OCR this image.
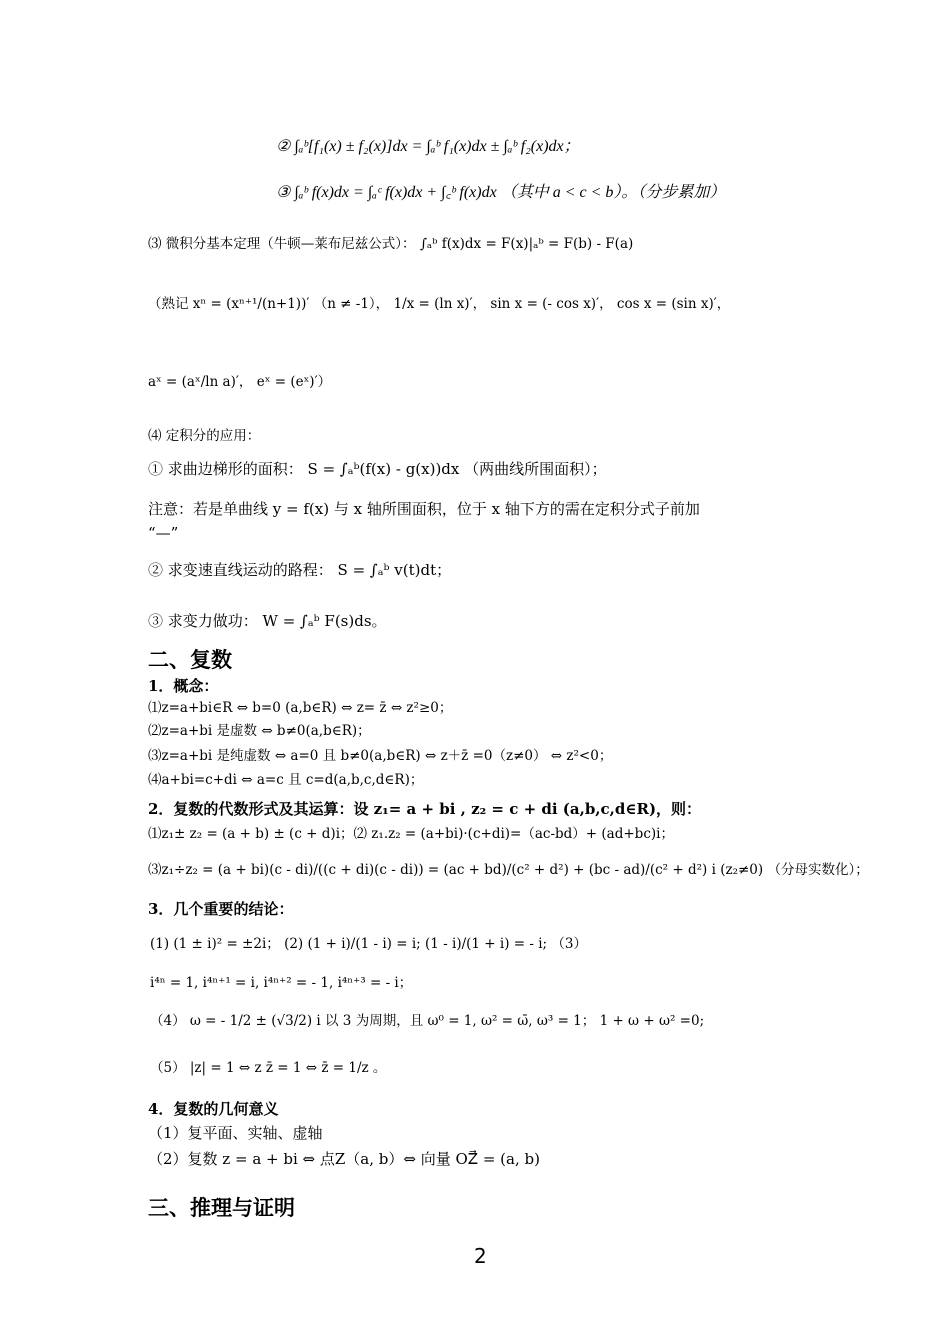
② ∫ₐᵇ[f₁(x) ± f₂(x)]dx = ∫ₐᵇ f₁(x)dx ± ∫ₐᵇ f₂(x)dx；
③ ∫ₐᵇ f(x)dx = ∫ₐᶜ f(x)dx + ∫꜀ᵇ f(x)dx （其中 a < c < b）。（分步累加）
⑶ 微积分基本定理（牛顿—莱布尼兹公式）： ∫ₐᵇ f(x)dx = F(x)|ₐᵇ = F(b) - F(a)
（熟记 xⁿ = (xⁿ⁺¹/(n+1))′ （n ≠ -1）， 1/x = (ln x)′， sin x = (- cos x)′， cos x = (sin x)′，
aˣ = (aˣ/ln a)′， eˣ = (eˣ)′）
⑷ 定积分的应用：
① 求曲边梯形的面积： S = ∫ₐᵇ(f(x) - g(x))dx （两曲线所围面积）；
注意：若是单曲线 y = f(x) 与 x 轴所围面积，位于 x 轴下方的需在定积分式子前加
“—”
② 求变速直线运动的路程： S = ∫ₐᵇ v(t)dt；
③ 求变力做功： W = ∫ₐᵇ F(s)ds。
二、复数
1．概念：
⑴z=a+bi∈R ⇔ b=0 (a,b∈R) ⇔ z= z̄ ⇔ z²≥0；
⑵z=a+bi 是虚数 ⇔ b≠0(a,b∈R)；
⑶z=a+bi 是纯虚数 ⇔ a=0 且 b≠0(a,b∈R) ⇔ z＋z̄ =0（z≠0） ⇔ z²<0；
⑷a+bi=c+di ⇔ a=c 且 c=d(a,b,c,d∈R)；
2．复数的代数形式及其运算：设 z₁= a + bi , z₂ = c + di (a,b,c,d∈R)，则：
⑴z₁± z₂ = (a + b) ± (c + d)i；⑵ z₁.z₂ = (a+bi)·(c+di)=（ac-bd）+ (ad+bc)i；
⑶z₁÷z₂ = (a + bi)(c - di)/((c + di)(c - di)) = (ac + bd)/(c² + d²) + (bc - ad)/(c² + d²) i (z₂≠0) （分母实数化）；
3．几个重要的结论：
(1) (1 ± i)² = ±2i； (2) (1 + i)/(1 - i) = i; (1 - i)/(1 + i) = - i; （3）
i⁴ⁿ = 1, i⁴ⁿ⁺¹ = i, i⁴ⁿ⁺² = - 1, i⁴ⁿ⁺³ = - i；
（4） ω = - 1/2 ± (√3/2) i 以 3 为周期，且 ω⁰ = 1, ω² = ω̄, ω³ = 1； 1 + ω + ω² =0;
（5） |z| = 1 ⇔ z z̄ = 1 ⇔ z̄ = 1/z 。
4．复数的几何意义
（1）复平面、实轴、虚轴
（2）复数 z = a + bi ⇔ 点Z（a, b）⇔ 向量 OZ⃗ = (a, b)
三、推理与证明
2
